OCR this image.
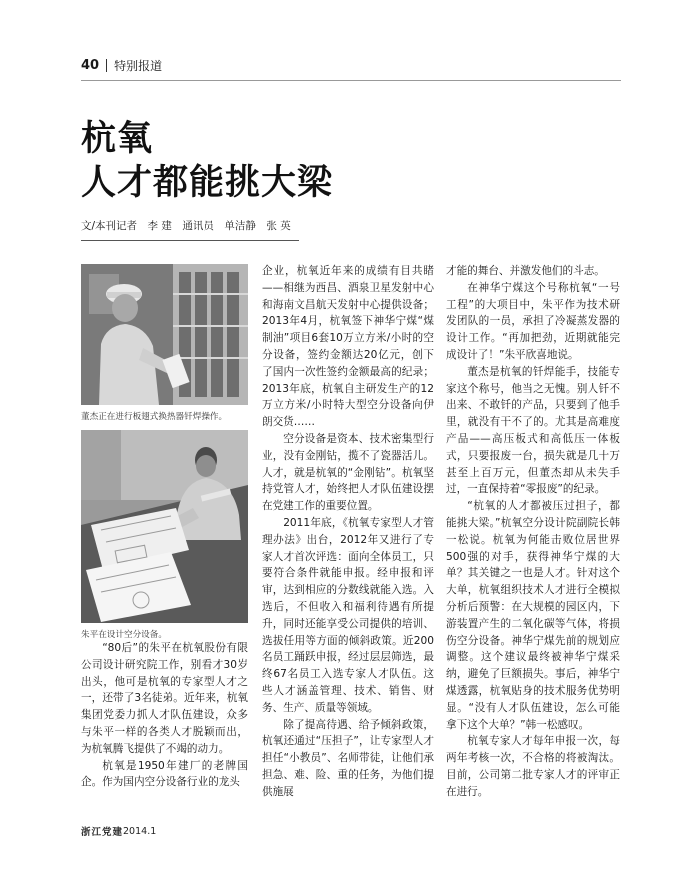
40 特别报道
杭氧
人才都能挑大梁
文/本刊记者　李 建　通讯员　单洁静　张 英
董杰正在进行板翅式换热器钎焊操作。
朱平在设计空分设备。

“80后”的朱平在杭氧股份有限公司设计研究院工作，别看才30岁出头，他可是杭氧的专家型人才之一，还带了3名徒弟。近年来，杭氧集团党委力抓人才队伍建设，众多与朱平一样的各类人才脱颖而出，为杭氧腾飞提供了不竭的动力。

杭氧是1950年建厂的老牌国企。作为国内空分设备行业的龙头

企业，杭氧近年来的成绩有目共睹——相继为西昌、酒泉卫星发射中心和海南文昌航天发射中心提供设备；2013年4月，杭氧签下神华宁煤“煤制油”项目6套10万立方米/小时的空分设备，签约金额达20亿元，创下了国内一次性签约金额最高的纪录；2013年底，杭氧自主研发生产的12万立方米/小时特大型空分设备向伊朗交货……

空分设备是资本、技术密集型行业，没有金刚钻，揽不了瓷器活儿。人才，就是杭氧的“金刚钻”。杭氧坚持党管人才，始终把人才队伍建设摆在党建工作的重要位置。

2011年底，《杭氧专家型人才管理办法》出台，2012年又进行了专家人才首次评选：面向全体员工，只要符合条件就能申报。经申报和评审，达到相应的分数线就能入选。入选后，不但收入和福利待遇有所提升，同时还能享受公司提供的培训、选拔任用等方面的倾斜政策。近200名员工踊跃申报，经过层层筛选，最终67名员工入选专家人才队伍。这些人才涵盖管理、技术、销售、财务、生产、质量等领域。

除了提高待遇、给予倾斜政策，杭氧还通过“压担子”，让专家型人才担任“小教员”、名师带徒，让他们承担急、难、险、重的任务，为他们提供施展

才能的舞台、并激发他们的斗志。

在神华宁煤这个号称杭氧“一号工程”的大项目中，朱平作为技术研发团队的一员，承担了冷凝蒸发器的设计工作。“再加把劲，近期就能完成设计了！”朱平欣喜地说。

董杰是杭氧的钎焊能手，技能专家这个称号，他当之无愧。别人钎不出来、不敢钎的产品，只要到了他手里，就没有干不了的。尤其是高难度产品——高压板式和高低压一体板式，只要报废一台，损失就是几十万甚至上百万元，但董杰却从未失手过，一直保持着“零报废”的纪录。

“杭氧的人才都被压过担子，都能挑大梁。”杭氧空分设计院副院长韩一松说。杭氧为何能击败位居世界500强的对手，获得神华宁煤的大单？其关键之一也是人才。针对这个大单，杭氧组织技术人才进行全模拟分析后预警：在大规模的园区内，下游装置产生的二氧化碳等气体，将损伤空分设备。神华宁煤先前的规划应调整。这个建议最终被神华宁煤采纳，避免了巨额损失。事后，神华宁煤透露，杭氧贴身的技术服务优势明显。“没有人才队伍建设，怎么可能拿下这个大单？”韩一松感叹。

杭氧专家人才每年申报一次，每两年考核一次，不合格的将被淘汰。目前，公司第二批专家人才的评审正在进行。

浙江党建 2014.1
